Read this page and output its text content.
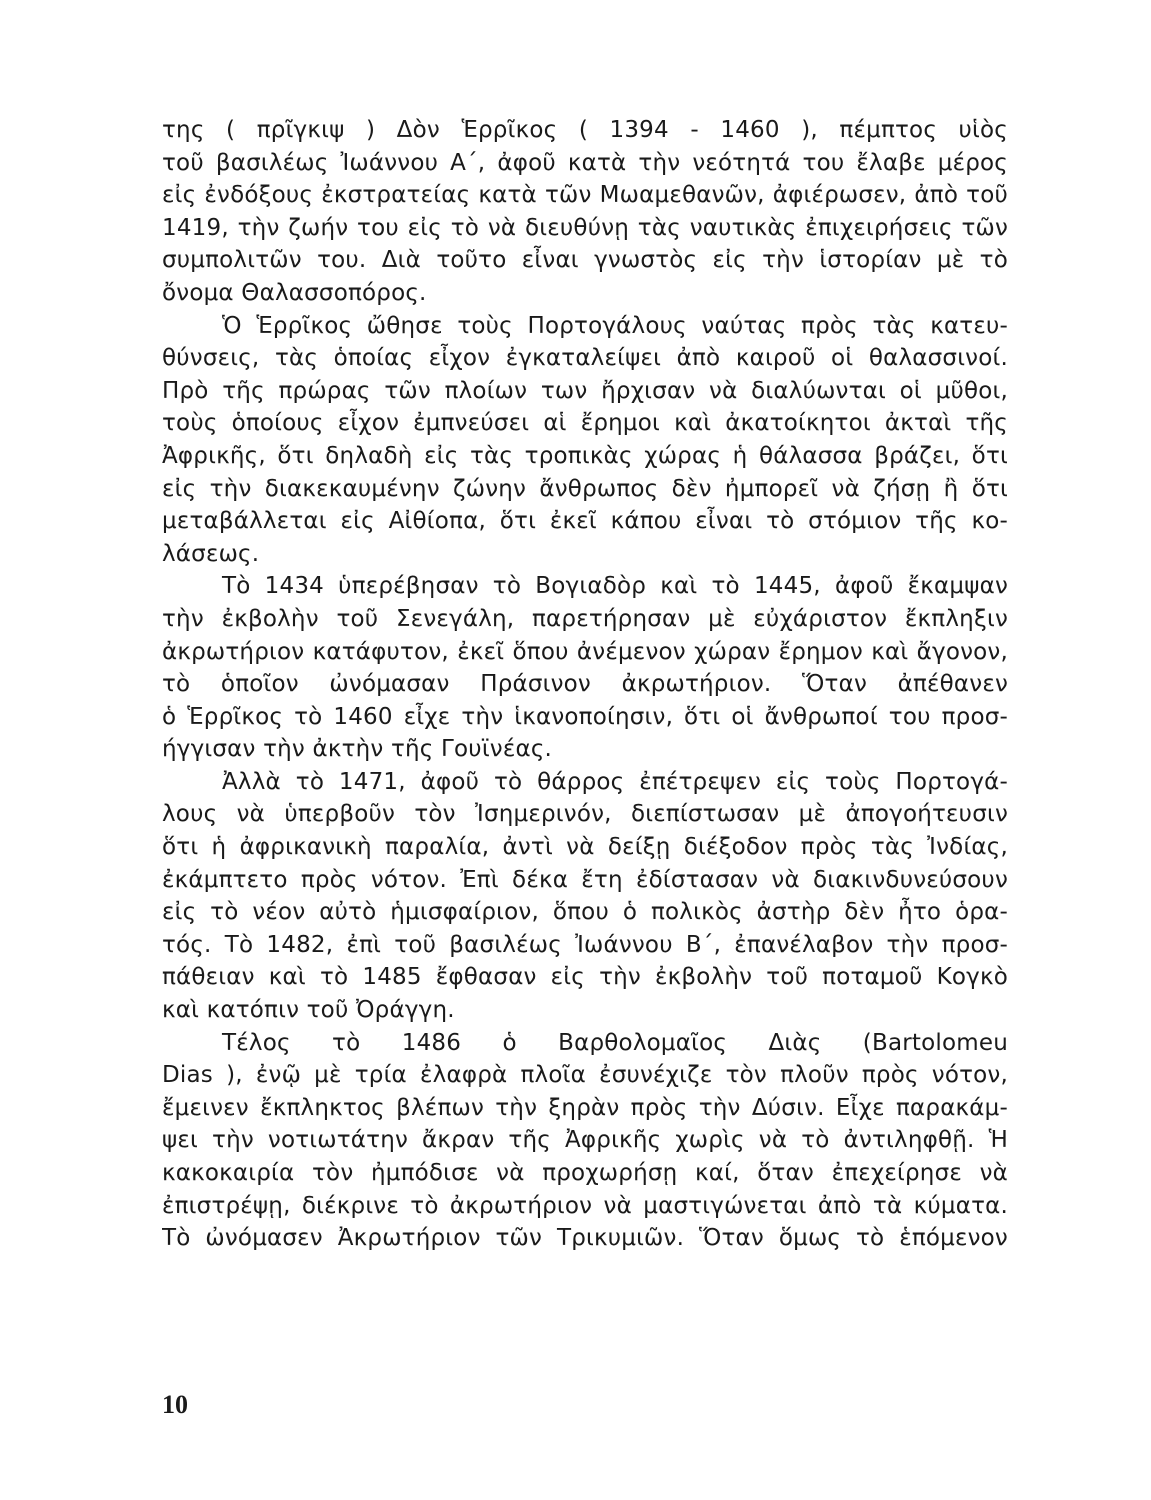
της ( πρῖγκιψ ) Δὸν Ἑρρῖκος ( 1394 - 1460 ), πέμπτος υἱὸς
τοῦ βασιλέως Ἰωάννου Α΄, ἀφοῦ κατὰ τὴν νεότητά του ἔλαβε μέρος
εἰς ἐνδόξους ἐκστρατείας κατὰ τῶν Μωαμεθανῶν, ἀφιέρωσεν, ἀπὸ τοῦ
1419, τὴν ζωήν του εἰς τὸ νὰ διευθύνῃ τὰς ναυτικὰς ἐπιχειρήσεις τῶν
συμπολιτῶν του. Διὰ τοῦτο εἶναι γνωστὸς εἰς τὴν ἱστορίαν μὲ τὸ
ὄνομα Θαλασσοπόρος.
Ὁ Ἑρρῖκος ὤθησε τοὺς Πορτογάλους ναύτας πρὸς τὰς κατευ-
θύνσεις, τὰς ὁποίας εἶχον ἐγκαταλείψει ἀπὸ καιροῦ οἱ θαλασσινοί.
Πρὸ τῆς πρώρας τῶν πλοίων των ἤρχισαν νὰ διαλύωνται οἱ μῦθοι,
τοὺς ὁποίους εἶχον ἐμπνεύσει αἱ ἔρημοι καὶ ἀκατοίκητοι ἀκταὶ τῆς
Ἀφρικῆς, ὅτι δηλαδὴ εἰς τὰς τροπικὰς χώρας ἡ θάλασσα βράζει, ὅτι
εἰς τὴν διακεκαυμένην ζώνην ἄνθρωπος δὲν ἠμπορεῖ νὰ ζήσῃ ἢ ὅτι
μεταβάλλεται εἰς Αἰθίοπα, ὅτι ἐκεῖ κάπου εἶναι τὸ στόμιον τῆς κο-
λάσεως.
Τὸ 1434 ὑπερέβησαν τὸ Βογιαδὸρ καὶ τὸ 1445, ἀφοῦ ἔκαμψαν
τὴν ἐκβολὴν τοῦ Σενεγάλη, παρετήρησαν μὲ εὐχάριστον ἔκπληξιν
ἀκρωτήριον κατάφυτον, ἐκεῖ ὅπου ἀνέμενον χώραν ἔρημον καὶ ἄγονον,
τὸ ὁποῖον ὠνόμασαν Πράσινον ἀκρωτήριον. Ὅταν ἀπέθανεν
ὁ Ἑρρῖκος τὸ 1460 εἶχε τὴν ἱκανοποίησιν, ὅτι οἱ ἄνθρωποί του προσ-
ήγγισαν τὴν ἀκτὴν τῆς Γουϊνέας.
Ἀλλὰ τὸ 1471, ἀφοῦ τὸ θάρρος ἐπέτρεψεν εἰς τοὺς Πορτογά-
λους νὰ ὑπερβοῦν τὸν Ἰσημερινόν, διεπίστωσαν μὲ ἀπογοήτευσιν
ὅτι ἡ ἀφρικανικὴ παραλία, ἀντὶ νὰ δείξῃ διέξοδον πρὸς τὰς Ἰνδίας,
ἐκάμπτετο πρὸς νότον. Ἐπὶ δέκα ἔτη ἐδίστασαν νὰ διακινδυνεύσουν
εἰς τὸ νέον αὐτὸ ἡμισφαίριον, ὅπου ὁ πολικὸς ἀστὴρ δὲν ἦτο ὁρα-
τός. Τὸ 1482, ἐπὶ τοῦ βασιλέως Ἰωάννου Β΄, ἐπανέλαβον τὴν προσ-
πάθειαν καὶ τὸ 1485 ἔφθασαν εἰς τὴν ἐκβολὴν τοῦ ποταμοῦ Κογκὸ
καὶ κατόπιν τοῦ Ὀράγγη.
Τέλος τὸ 1486 ὁ Βαρθολομαῖος Διὰς (Bartolomeu
Dias ), ἐνῷ μὲ τρία ἐλαφρὰ πλοῖα ἐσυνέχιζε τὸν πλοῦν πρὸς νότον,
ἔμεινεν ἔκπληκτος βλέπων τὴν ξηρὰν πρὸς τὴν Δύσιν. Εἶχε παρακάμ-
ψει τὴν νοτιωτάτην ἄκραν τῆς Ἀφρικῆς χωρὶς νὰ τὸ ἀντιληφθῇ. Ἡ
κακοκαιρία τὸν ἠμπόδισε νὰ προχωρήσῃ καί, ὅταν ἐπεχείρησε νὰ
ἐπιστρέψῃ, διέκρινε τὸ ἀκρωτήριον νὰ μαστιγώνεται ἀπὸ τὰ κύματα.
Τὸ ὠνόμασεν Ἀκρωτήριον τῶν Τρικυμιῶν. Ὅταν ὅμως τὸ ἑπόμενον
10
